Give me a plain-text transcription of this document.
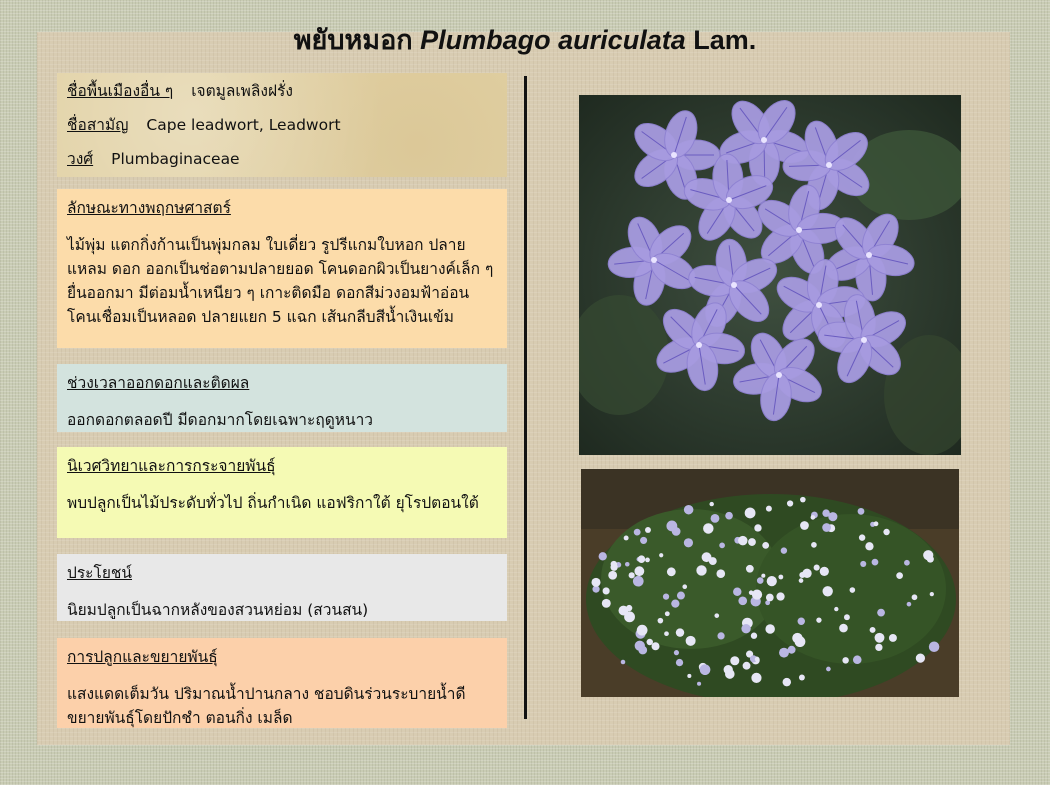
พยับหมอก Plumbago auriculata Lam.
ชื่อพื้นเมืองอื่น ๆ เจตมูลเพลิงฝรั่ง
ชื่อสามัญ Cape leadwort, Leadwort
วงศ์ Plumbaginaceae
ลักษณะทางพฤกษศาสตร์
ไม้พุ่ม แตกกิ่งก้านเป็นพุ่มกลม ใบเดี่ยว รูปรีแกมใบหอก ปลายแหลม ดอก ออกเป็นช่อตามปลายยอด โคนดอกผิวเป็นยางค์เล็ก ๆ ยื่นออกมา มีต่อมน้ำเหนียว ๆ เกาะติดมือ ดอกสีม่วงอมฟ้าอ่อน โคนเชื่อมเป็นหลอด ปลายแยก 5 แฉก เส้นกลีบสีน้ำเงินเข้ม
ช่วงเวลาออกดอกและติดผล
ออกดอกตลอดปี มีดอกมากโดยเฉพาะฤดูหนาว
นิเวศวิทยาและการกระจายพันธุ์
พบปลูกเป็นไม้ประดับทั่วไป ถิ่นกำเนิด แอฟริกาใต้ ยุโรปตอนใต้
ประโยชน์
นิยมปลูกเป็นฉากหลังของสวนหย่อม (สวนสน)
การปลูกและขยายพันธุ์
แสงแดดเต็มวัน ปริมาณน้ำปานกลาง ชอบดินร่วนระบายน้ำดี ขยายพันธุ์โดยปักชำ ตอนกิ่ง เมล็ด
